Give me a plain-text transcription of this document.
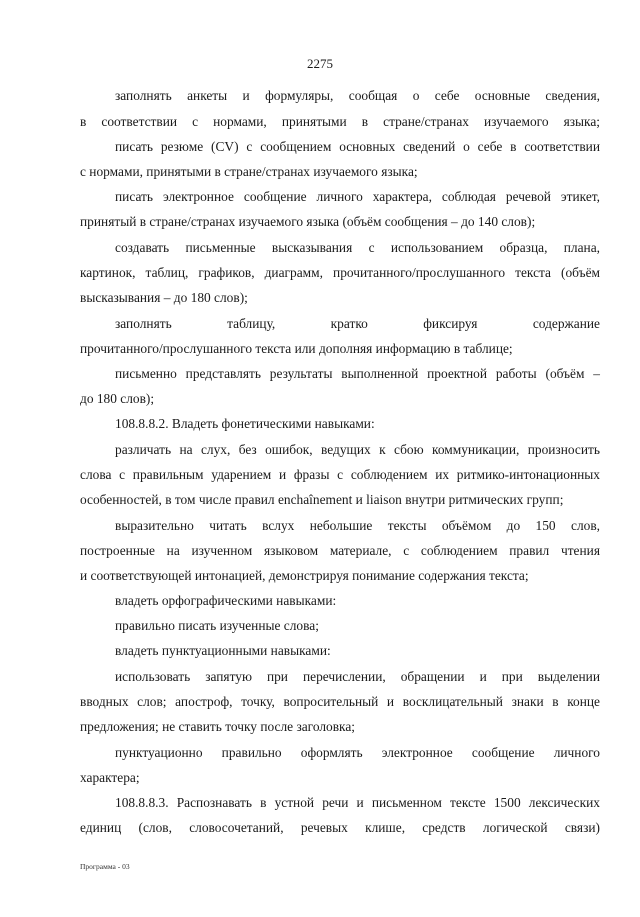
2275
заполнять анкеты и формуляры, сообщая о себе основные сведения,
в соответствии с нормами, принятыми в стране/странах изучаемого языка;
писать резюме (CV) с сообщением основных сведений о себе в соответствии
с нормами, принятыми в стране/странах изучаемого языка;
писать электронное сообщение личного характера, соблюдая речевой этикет,
принятый в стране/странах изучаемого языка (объём сообщения – до 140 слов);
создавать письменные высказывания с использованием образца, плана,
картинок, таблиц, графиков, диаграмм, прочитанного/прослушанного текста (объём
высказывания – до 180 слов);
заполнять таблицу, кратко фиксируя содержание
прочитанного/прослушанного текста или дополняя информацию в таблице;
письменно представлять результаты выполненной проектной работы (объём –
до 180 слов);
108.8.8.2. Владеть фонетическими навыками:
различать на слух, без ошибок, ведущих к сбою коммуникации, произносить
слова с правильным ударением и фразы с соблюдением их ритмико-интонационных
особенностей, в том числе правил enchaînement и liaison внутри ритмических групп;
выразительно читать вслух небольшие тексты объёмом до 150 слов,
построенные на изученном языковом материале, с соблюдением правил чтения
и соответствующей интонацией, демонстрируя понимание содержания текста;
владеть орфографическими навыками:
правильно писать изученные слова;
владеть пунктуационными навыками:
использовать запятую при перечислении, обращении и при выделении
вводных слов; апостроф, точку, вопросительный и восклицательный знаки в конце
предложения; не ставить точку после заголовка;
пунктуационно правильно оформлять электронное сообщение личного
характера;
108.8.8.3. Распознавать в устной речи и письменном тексте 1500 лексических
единиц (слов, словосочетаний, речевых клише, средств логической связи)
Программа - 03
